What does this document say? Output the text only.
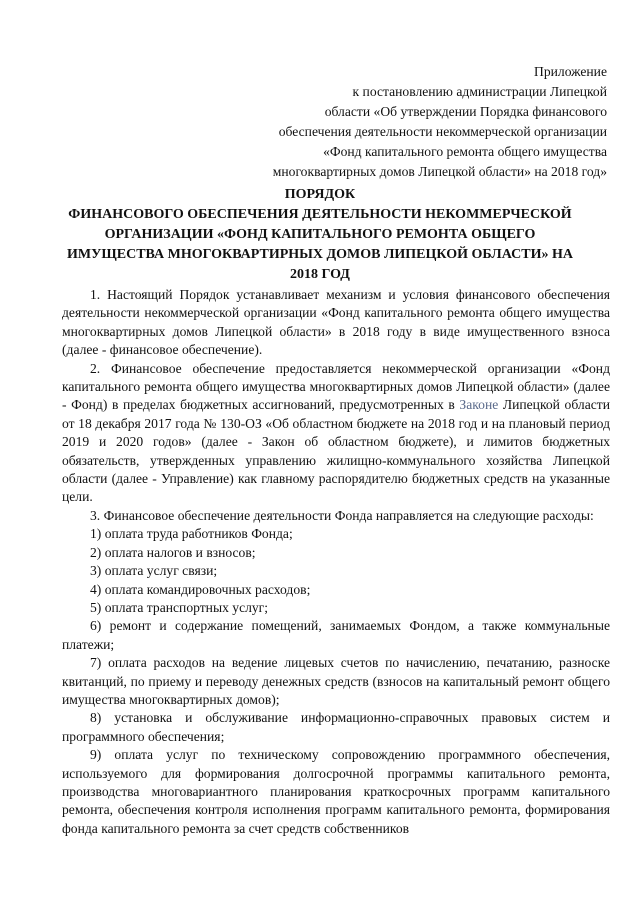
Приложение
к постановлению администрации Липецкой
области «Об утверждении Порядка финансового
обеспечения деятельности некоммерческой организации
«Фонд капитального ремонта общего имущества
многоквартирных домов Липецкой области» на 2018 год»
ПОРЯДОК
ФИНАНСОВОГО ОБЕСПЕЧЕНИЯ ДЕЯТЕЛЬНОСТИ НЕКОММЕРЧЕСКОЙ
ОРГАНИЗАЦИИ «ФОНД КАПИТАЛЬНОГО РЕМОНТА ОБЩЕГО
ИМУЩЕСТВА МНОГОКВАРТИРНЫХ ДОМОВ ЛИПЕЦКОЙ ОБЛАСТИ» НА
2018 ГОД

1. Настоящий Порядок устанавливает механизм и условия финансового обеспечения деятельности некоммерческой организации «Фонд капитального ремонта общего имущества многоквартирных домов Липецкой области» в 2018 году в виде имущественного взноса (далее - финансовое обеспечение).

2. Финансовое обеспечение предоставляется некоммерческой организации «Фонд капитального ремонта общего имущества многоквартирных домов Липецкой области» (далее - Фонд) в пределах бюджетных ассигнований, предусмотренных в Законе Липецкой области от 18 декабря 2017 года № 130-ОЗ «Об областном бюджете на 2018 год и на плановый период 2019 и 2020 годов» (далее - Закон об областном бюджете), и лимитов бюджетных обязательств, утвержденных управлению жилищно-коммунального хозяйства Липецкой области (далее - Управление) как главному распорядителю бюджетных средств на указанные цели.

3. Финансовое обеспечение деятельности Фонда направляется на следующие расходы:

1) оплата труда работников Фонда;

2) оплата налогов и взносов;

3) оплата услуг связи;

4) оплата командировочных расходов;

5) оплата транспортных услуг;

6) ремонт и содержание помещений, занимаемых Фондом, а также коммунальные платежи;

7) оплата расходов на ведение лицевых счетов по начислению, печатанию, разноске квитанций, по приему и переводу денежных средств (взносов на капитальный ремонт общего имущества многоквартирных домов);

8) установка и обслуживание информационно-справочных правовых систем и программного обеспечения;

9) оплата услуг по техническому сопровождению программного обеспечения, используемого для формирования долгосрочной программы капитального ремонта, производства многовариантного планирования краткосрочных программ капитального ремонта, обеспечения контроля исполнения программ капитального ремонта, формирования фонда капитального ремонта за счет средств собственников
